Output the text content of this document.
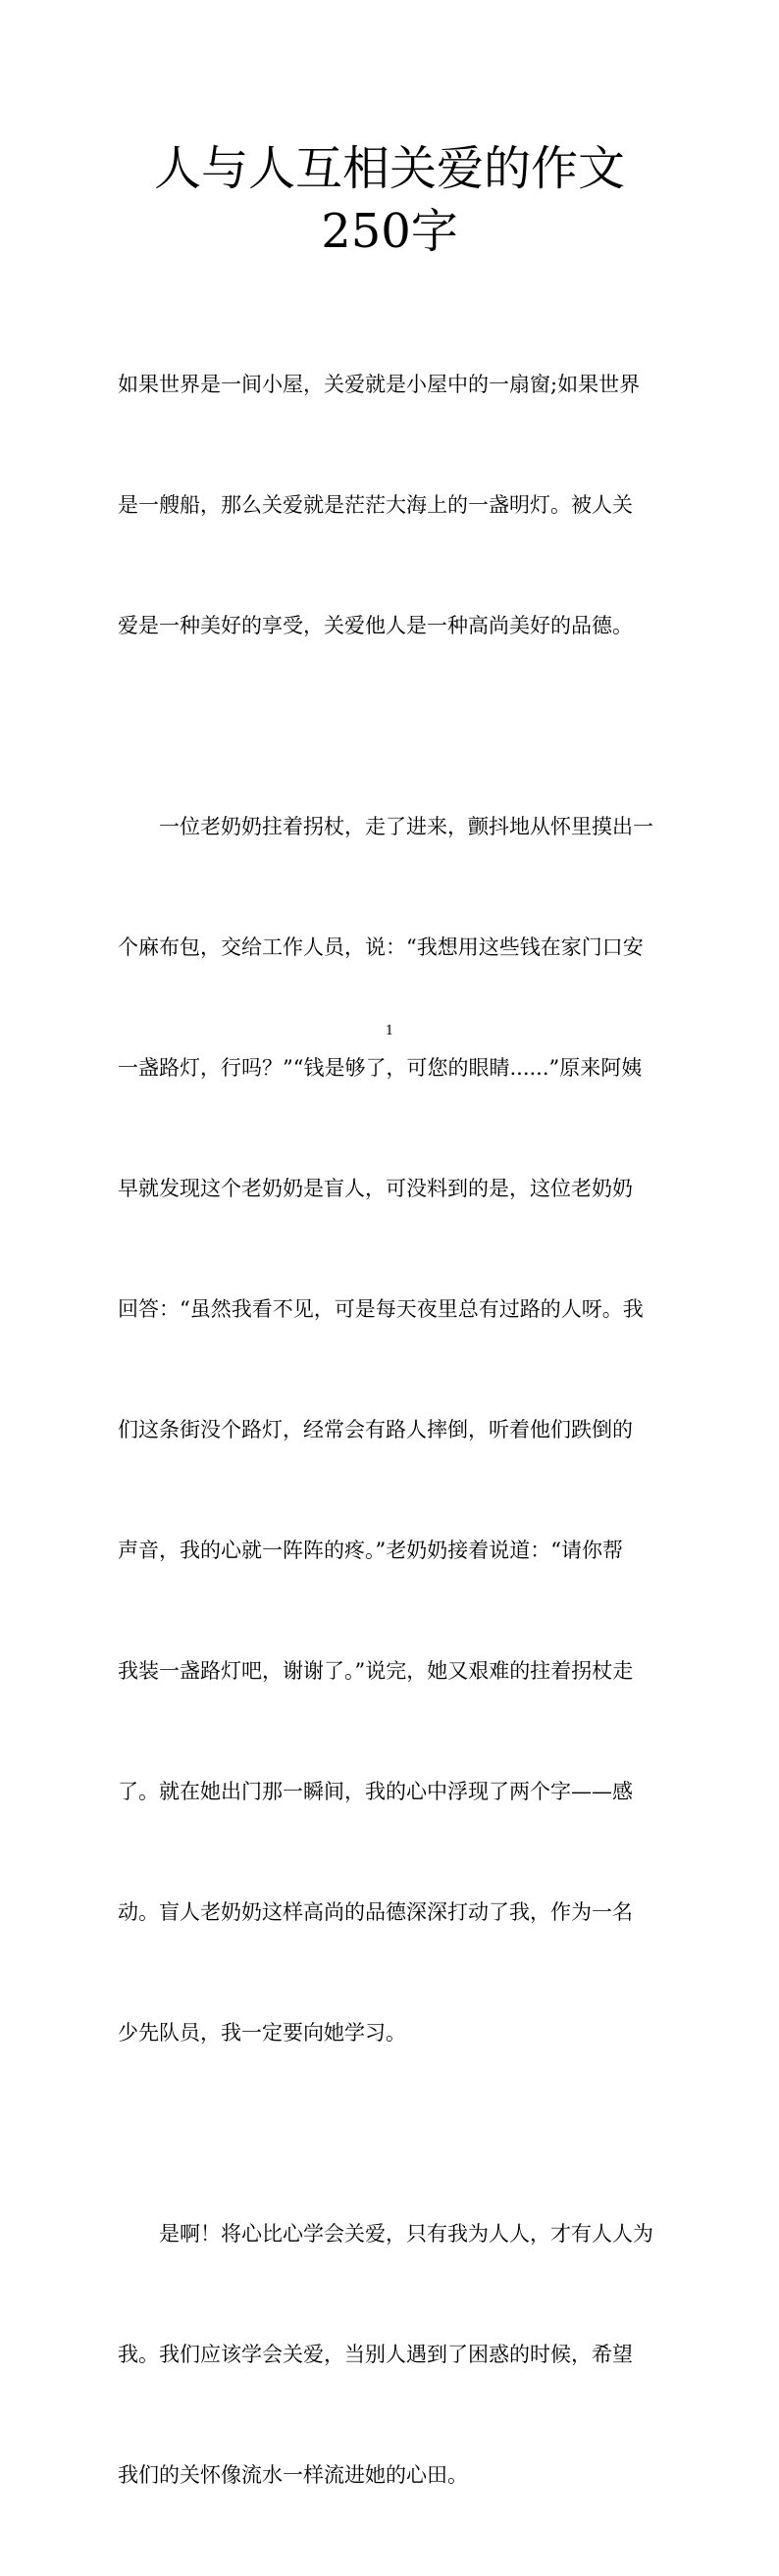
人与人互相关爱的作文
250字

如果世界是一间小屋，关爱就是小屋中的一扇窗;如果世界

是一艘船，那么关爱就是茫茫大海上的一盏明灯。被人关

爱是一种美好的享受，关爱他人是一种高尚美好的品德。

　　一位老奶奶拄着拐杖，走了进来，颤抖地从怀里摸出一

个麻布包，交给工作人员，说：“我想用这些钱在家门口安

一盏路灯，行吗？”“钱是够了，可您的眼睛......”原来阿姨

早就发现这个老奶奶是盲人，可没料到的是，这位老奶奶

回答：“虽然我看不见，可是每天夜里总有过路的人呀。我

们这条街没个路灯，经常会有路人摔倒，听着他们跌倒的

声音，我的心就一阵阵的疼。”老奶奶接着说道：“请你帮

我装一盏路灯吧，谢谢了。”说完，她又艰难的拄着拐杖走

了。就在她出门那一瞬间，我的心中浮现了两个字——感

动。盲人老奶奶这样高尚的品德深深打动了我，作为一名

少先队员，我一定要向她学习。

　　是啊！将心比心学会关爱，只有我为人人，才有人人为

我。我们应该学会关爱，当别人遇到了困惑的时候，希望

我们的关怀像流水一样流进她的心田。

1
